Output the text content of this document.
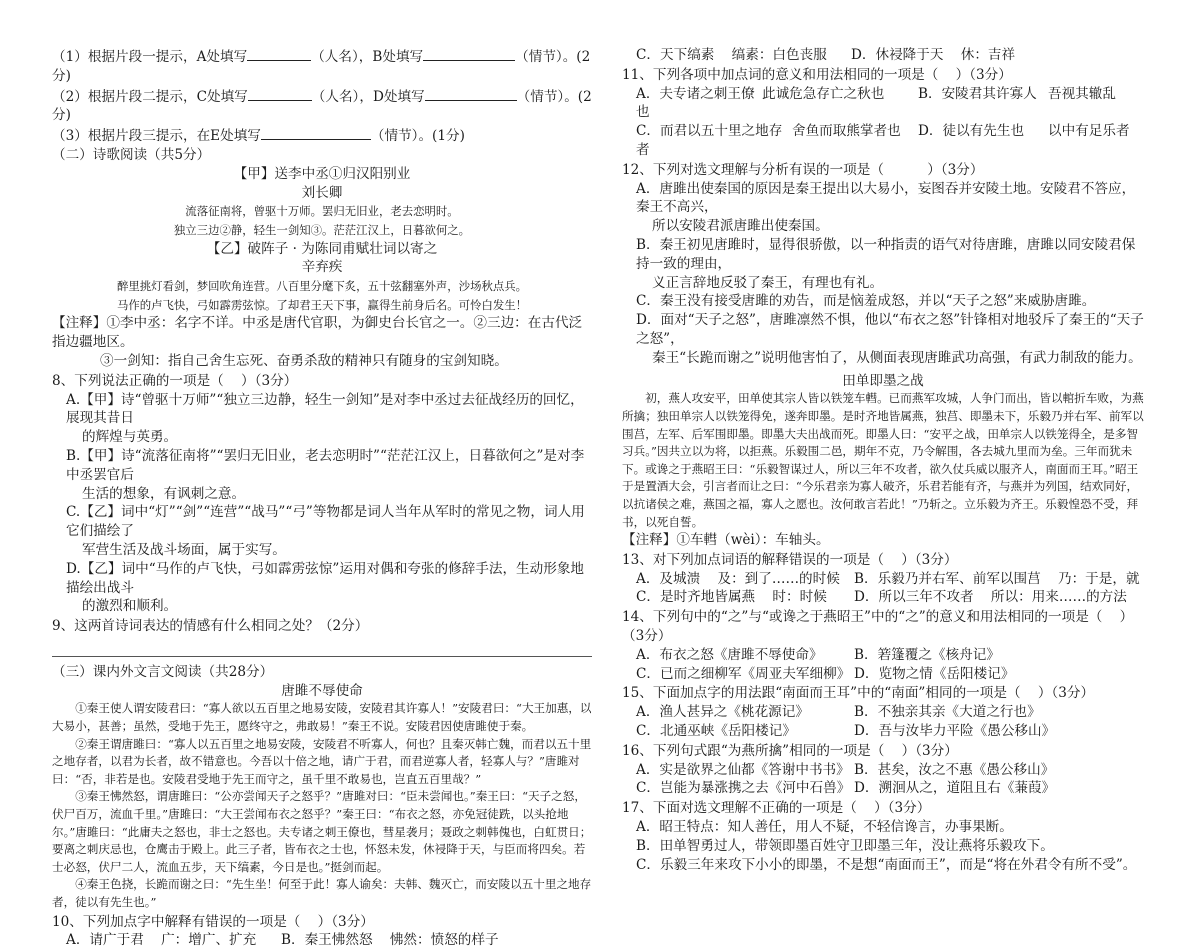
（1）根据片段一提示，A处填写	（人名），B处填写	（情节）。(2分)

（2）根据片段二提示，C处填写	（人名），D处填写	（情节）。(2分)

（3）根据片段三提示，在E处填写	（情节）。(1分)

（二）诗歌阅读（共5分）

【甲】送李中丞①归汉阳别业

刘长卿

流落征南将，曾驱十万师。罢归无旧业，老去恋明时。

独立三边②静，轻生一剑知③。茫茫江汉上，日暮欲何之。

【乙】破阵子 · 为陈同甫赋壮词以寄之

辛弃疾

醉里挑灯看剑，梦回吹角连营。八百里分麾下炙，五十弦翻塞外声，沙场秋点兵。

马作的卢飞快，弓如霹雳弦惊。了却君王天下事，赢得生前身后名。可怜白发生！

【注释】①李中丞：名字不详。中丞是唐代官职，为御史台长官之一。②三边：在古代泛指边疆地区。

③一剑知：指自己舍生忘死、奋勇杀敌的精神只有随身的宝剑知晓。

8、下列说法正确的一项是（    ）（3分）

A.【甲】诗“曾驱十万师”“独立三边静，轻生一剑知”是对李中丞过去征战经历的回忆，展现其昔日

的辉煌与英勇。

B.【甲】诗“流落征南将”“罢归无旧业，老去恋明时”“茫茫江汉上，日暮欲何之”是对李中丞罢官后

生活的想象，有讽刺之意。

C.【乙】词中“灯”“剑”“连营”“战马”“弓”等物都是词人当年从军时的常见之物，词人用它们描绘了

军营生活及战斗场面，属于实写。

D.【乙】词中“马作的卢飞快，弓如霹雳弦惊”运用对偶和夸张的修辞手法，生动形象地描绘出战斗

的激烈和顺利。

9、这两首诗词表达的情感有什么相同之处？（2分）

（三）课内外文言文阅读（共28分）

唐雎不辱使命

①秦王使人谓安陵君曰：“寡人欲以五百里之地易安陵，安陵君其许寡人！”安陵君曰：“大王加惠，以大易小，甚善；虽然，受地于先王，愿终守之，弗敢易！”秦王不说。安陵君因使唐雎使于秦。

②秦王谓唐雎曰：“寡人以五百里之地易安陵，安陵君不听寡人，何也？且秦灭韩亡魏，而君以五十里之地存者，以君为长者，故不错意也。今吾以十倍之地，请广于君，而君逆寡人者，轻寡人与？”唐雎对曰：“否，非若是也。安陵君受地于先王而守之，虽千里不敢易也，岂直五百里哉？”

③秦王怫然怒，谓唐雎曰：“公亦尝闻天子之怒乎？”唐雎对曰：“臣未尝闻也。”秦王曰：“天子之怒，伏尸百万，流血千里。”唐雎曰：“大王尝闻布衣之怒乎？”秦王曰：“布衣之怒，亦免冠徒跣，以头抢地尔。”唐雎曰：“此庸夫之怒也，非士之怒也。夫专诸之刺王僚也，彗星袭月；聂政之刺韩傀也，白虹贯日；要离之刺庆忌也，仓鹰击于殿上。此三子者，皆布衣之士也，怀怒未发，休祲降于天，与臣而将四矣。若士必怒，伏尸二人，流血五步，天下缟素，今日是也。”挺剑而起。

④秦王色挠，长跪而谢之曰：“先生坐！何至于此！寡人谕矣：夫韩、魏灭亡，而安陵以五十里之地存者，徒以有先生也。”

10、下列加点字中解释有错误的一项是（    ）（3分）

A．请广于君    广：增广、扩充	B．秦王怫然怒    怫然：愤怒的样子

C．天下缟素    缟素：白色丧服	D．休祲降于天    休：吉祥

11、下列各项中加点词的意义和用法相同的一项是（    ）（3分）

A．夫专诸之刺王僚也
此诚危急存亡之秋也	B．安陵君其许寡人 吾视其辙乱

C．而君以五十里之地存者
舍鱼而取熊掌者也	D．徒以有先生也	以中有足乐者

12、下列对选文理解与分析有误的一项是（          ）（3分）

A．唐雎出使秦国的原因是秦王提出以大易小，妄图吞并安陵土地。安陵君不答应，秦王不高兴，

所以安陵君派唐雎出使秦国。

B．秦王初见唐雎时，显得很骄傲，以一种指责的语气对待唐雎，唐雎以同安陵君保持一致的理由，

义正言辞地反驳了秦王，有理也有礼。

C．秦王没有接受唐雎的劝告，而是恼羞成怒，并以“天子之怒”来威胁唐雎。

D．面对“天子之怒”，唐雎凛然不惧，他以“布衣之怒”针锋相对地驳斥了秦王的“天子之怒”，

秦王“长跪而谢之”说明他害怕了，从侧面表现唐雎武功高强，有武力制敌的能力。

田单即墨之战

初，燕人攻安平，田单使其宗人皆以铁笼车轊。已而燕军攻城，人争门而出，皆以輨折车败，为燕所擒；独田单宗人以铁笼得免，遂奔即墨。是时齐地皆属燕，独莒、即墨未下，乐毅乃并右军、前军以围莒，左军、后军围即墨。即墨大夫出战而死。即墨人曰：“安平之战，田单宗人以铁笼得全，是多智习兵。”因共立以为将，以拒燕。乐毅围二邑，期年不克，乃令解围，各去城九里而为垒。三年而犹未下。或谗之于燕昭王曰：“乐毅智谋过人，所以三年不攻者，欲久仗兵威以服齐人，南面而王耳。”昭王于是置酒大会，引言者而让之曰：“今乐君亲为寡人破齐，乐君若能有齐，与燕并为列国，结欢同好，以抗诸侯之难，燕国之福，寡人之愿也。汝何敢言若此！”乃斩之。立乐毅为齐王。乐毅惶恐不受，拜书，以死自誓。

【注释】①车轊（wèi）：车轴头。

13、对下列加点词语的解释错误的一项是（    ）（3分）

A．及城溃    及：到了……的时候	B．乐毅乃并右军、前军以围莒    乃：于是，就

C．是时齐地皆属燕    时：时候	D．所以三年不攻者    所以：用来……的方法

14、下列句中的“之”与“或谗之于燕昭王”中的“之”的意义和用法相同的一项是（    ）（3分）

A．布衣之怒《唐雎不辱使命》	B．箬篷覆之《核舟记》

C．已而之细柳军《周亚夫军细柳》 D．览物之情《岳阳楼记》

15、下面加点字的用法跟“南面而王耳”中的“南面”相同的一项是（    ）（3分）

A．渔人甚异之《桃花源记》	B．不独亲其亲《大道之行也》

C．北通巫峡《岳阳楼记》	D．吾与汝毕力平险《愚公移山》

16、下列句式跟“为燕所擒”相同的一项是（    ）（3分）

A．实是欲界之仙都《答谢中书书》 B．甚矣，汝之不惠《愚公移山》

C．岂能为暴涨携之去《河中石兽》 D．溯洄从之，道阻且右《蒹葭》

17、下面对选文理解不正确的一项是（    ）（3分）

A．昭王特点：知人善任，用人不疑，不轻信谗言，办事果断。

B．田单智勇过人，带领即墨百姓守卫即墨三年，没让燕将乐毅攻下。

C．乐毅三年来攻下小小的即墨，不是想“南面而王”，而是“将在外君令有所不受”。
